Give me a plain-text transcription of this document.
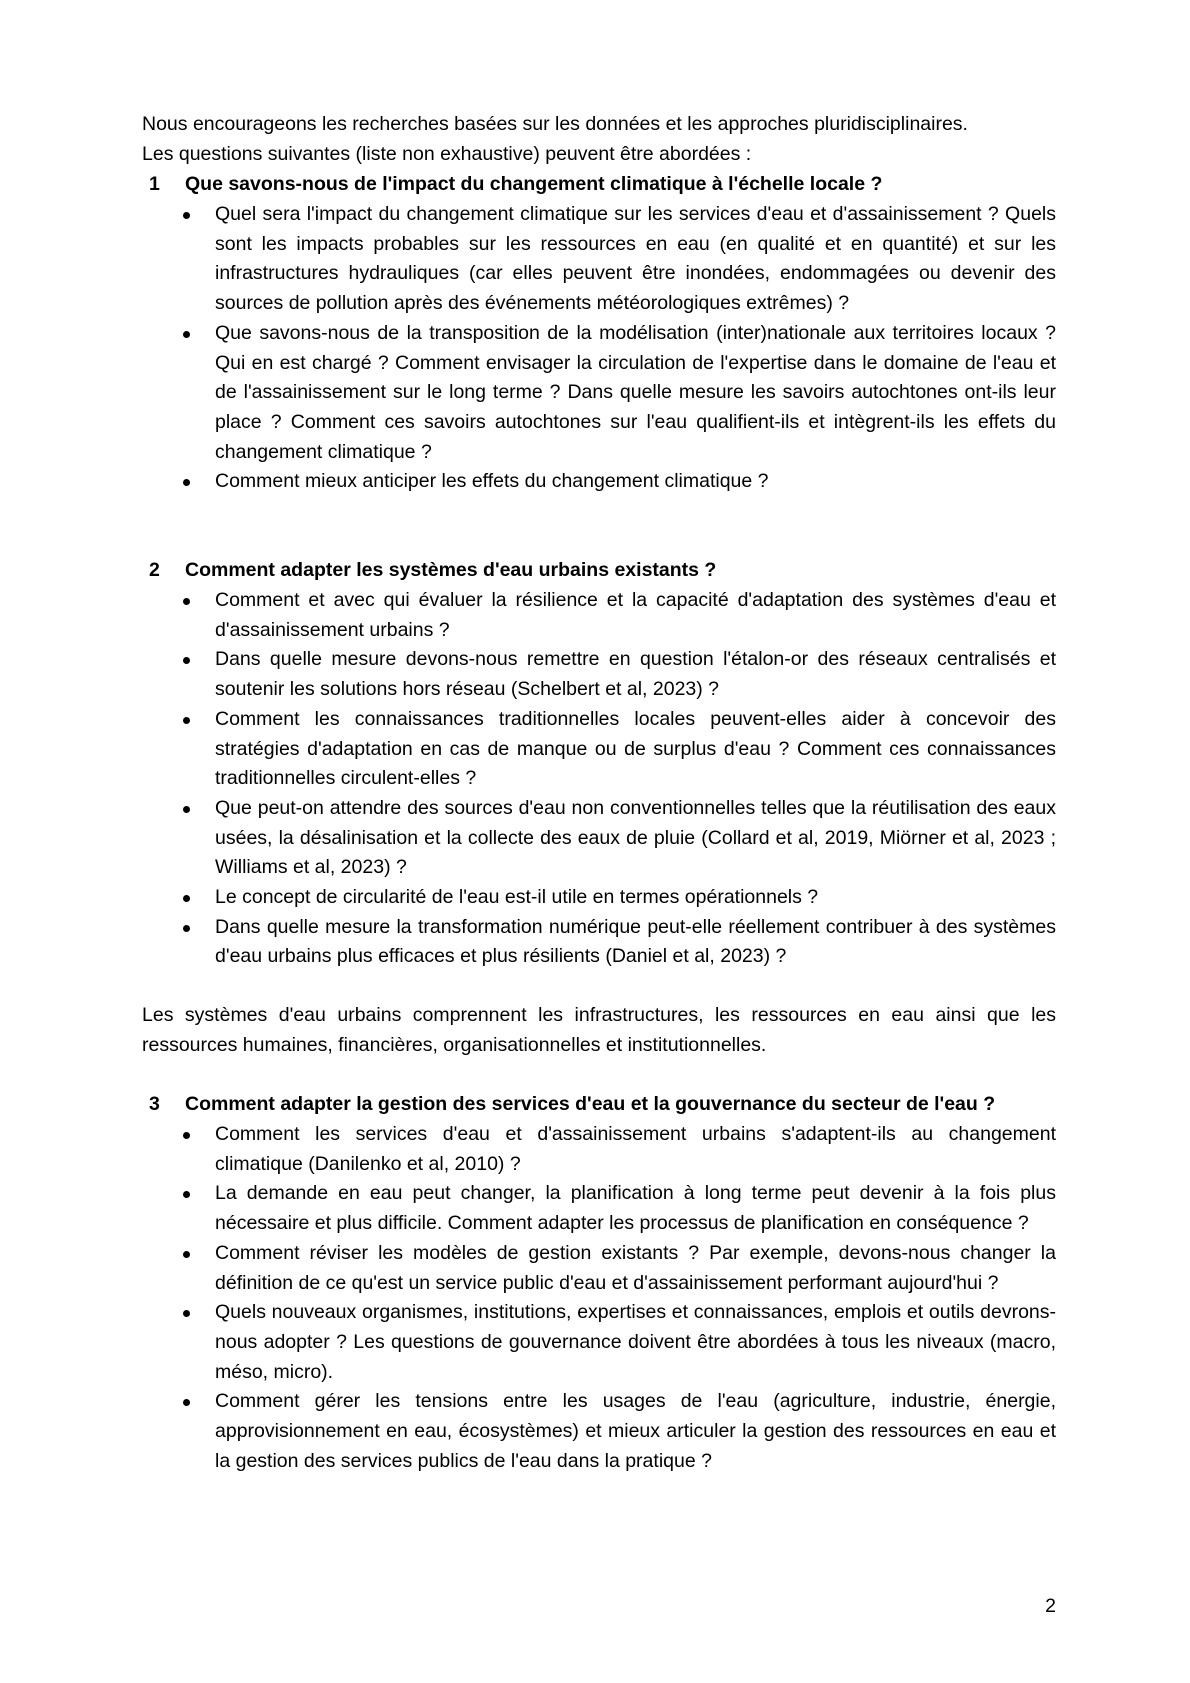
Nous encourageons les recherches basées sur les données et les approches pluridisciplinaires.
Les questions suivantes (liste non exhaustive) peuvent être abordées :
1 Que savons-nous de l'impact du changement climatique à l'échelle locale ?
Quel sera l'impact du changement climatique sur les services d'eau et d'assainissement ? Quels sont les impacts probables sur les ressources en eau (en qualité et en quantité) et sur les infrastructures hydrauliques (car elles peuvent être inondées, endommagées ou devenir des sources de pollution après des événements météorologiques extrêmes) ?
Que savons-nous de la transposition de la modélisation (inter)nationale aux territoires locaux ? Qui en est chargé ? Comment envisager la circulation de l'expertise dans le domaine de l'eau et de l'assainissement sur le long terme ? Dans quelle mesure les savoirs autochtones ont-ils leur place ? Comment ces savoirs autochtones sur l'eau qualifient-ils et intègrent-ils les effets du changement climatique ?
Comment mieux anticiper les effets du changement climatique ?
2 Comment adapter les systèmes d'eau urbains existants ?
Comment et avec qui évaluer la résilience et la capacité d'adaptation des systèmes d'eau et d'assainissement urbains ?
Dans quelle mesure devons-nous remettre en question l'étalon-or des réseaux centralisés et soutenir les solutions hors réseau (Schelbert et al, 2023) ?
Comment les connaissances traditionnelles locales peuvent-elles aider à concevoir des stratégies d'adaptation en cas de manque ou de surplus d'eau ? Comment ces connaissances traditionnelles circulent-elles ?
Que peut-on attendre des sources d'eau non conventionnelles telles que la réutilisation des eaux usées, la désalinisation et la collecte des eaux de pluie (Collard et al, 2019, Miörner et al, 2023 ; Williams et al, 2023) ?
Le concept de circularité de l'eau est-il utile en termes opérationnels ?
Dans quelle mesure la transformation numérique peut-elle réellement contribuer à des systèmes d'eau urbains plus efficaces et plus résilients (Daniel et al, 2023) ?
Les systèmes d'eau urbains comprennent les infrastructures, les ressources en eau ainsi que les ressources humaines, financières, organisationnelles et institutionnelles.
3 Comment adapter la gestion des services d'eau et la gouvernance du secteur de l'eau ?
Comment les services d'eau et d'assainissement urbains s'adaptent-ils au changement climatique (Danilenko et al, 2010) ?
La demande en eau peut changer, la planification à long terme peut devenir à la fois plus nécessaire et plus difficile. Comment adapter les processus de planification en conséquence ?
Comment réviser les modèles de gestion existants ? Par exemple, devons-nous changer la définition de ce qu'est un service public d'eau et d'assainissement performant aujourd'hui ?
Quels nouveaux organismes, institutions, expertises et connaissances, emplois et outils devrons-nous adopter ? Les questions de gouvernance doivent être abordées à tous les niveaux (macro, méso, micro).
Comment gérer les tensions entre les usages de l'eau (agriculture, industrie, énergie, approvisionnement en eau, écosystèmes) et mieux articuler la gestion des ressources en eau et la gestion des services publics de l'eau dans la pratique ?
2
